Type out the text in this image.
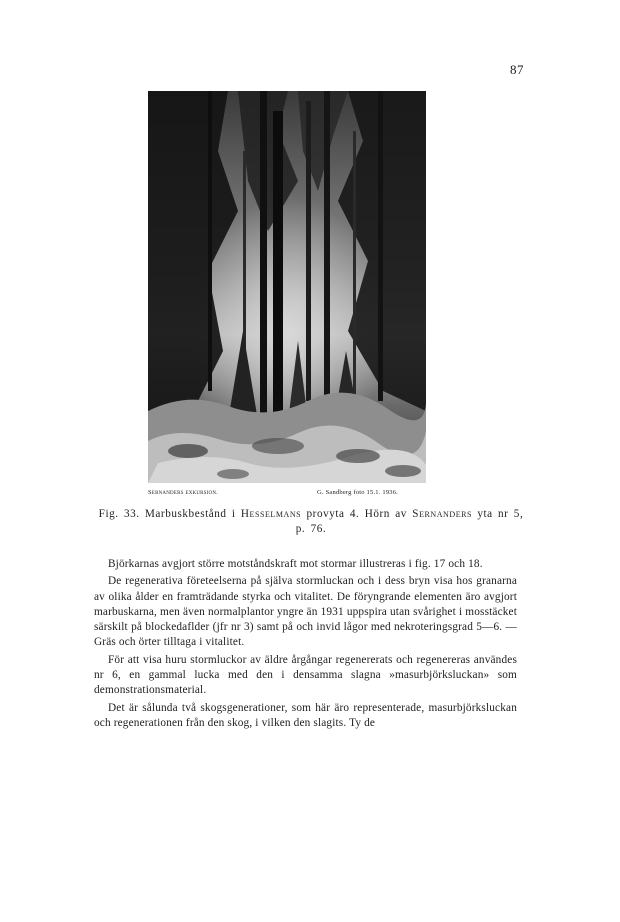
87
Sernanders exkursion.	G. Sandberg foto 15.1. 1936.
Fig. 33. Marbuskbestånd i Hesselmans provyta 4. Hörn av Sernanders yta nr 5, p. 76.

Björkarnas avgjort större motståndskraft mot stormar illustreras i fig. 17 och 18.

De regenerativa företeelserna på själva stormluckan och i dess bryn visa hos granarna av olika ålder en framträdande styrka och vitalitet. De föryngrande elementen äro avgjort marbuskarna, men även normalplantor yngre än 1931 uppspira utan svårighet i mosstäcket särskilt på blockedaflder (jfr nr 3) samt på och invid lågor med nekroteringsgrad 5—6. — Gräs och örter tilltaga i vitalitet.

För att visa huru stormluckor av äldre årgångar regenererats och regenereras användes nr 6, en gammal lucka med den i densamma slagna »masurbjörksluckan» som demonstrationsmaterial.

Det är sålunda två skogsgenerationer, som här äro representerade, masurbjörksluckan och regenerationen från den skog, i vilken den slagits. Ty de
